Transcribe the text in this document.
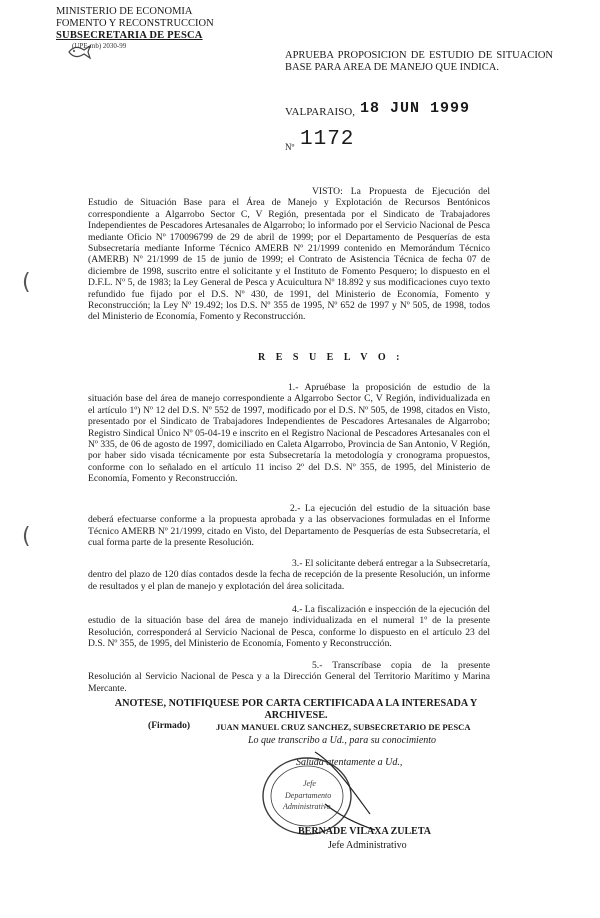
MINISTERIO DE ECONOMIA
FOMENTO Y RECONSTRUCCION
SUBSECRETARIA DE PESCA
(UPE-mb) 2030-99
APRUEBA PROPOSICION DE ESTUDIO DE SITUACION BASE PARA AREA DE MANEJO QUE INDICA.
VALPARAISO, 18 JUN 1999
Nº 1172
(
(
VISTO: La Propuesta de Ejecución del Estudio de Situación Base para el Área de Manejo y Explotación de Recursos Bentónicos correspondiente a Algarrobo Sector C, V Región, presentada por el Sindicato de Trabajadores Independientes de Pescadores Artesanales de Algarrobo; lo informado por el Servicio Nacional de Pesca mediante Oficio Nº 170096799 de 29 de abril de 1999; por el Departamento de Pesquerías de esta Subsecretaría mediante Informe Técnico AMERB Nº 21/1999 contenido en Memorándum Técnico (AMERB) Nº 21/1999 de 15 de junio de 1999; el Contrato de Asistencia Técnica de fecha 07 de diciembre de 1998, suscrito entre el solicitante y el Instituto de Fomento Pesquero; lo dispuesto en el D.F.L. Nº 5, de 1983; la Ley General de Pesca y Acuicultura Nº 18.892 y sus modificaciones cuyo texto refundido fue fijado por el D.S. Nº 430, de 1991, del Ministerio de Economía, Fomento y Reconstrucción; la Ley Nº 19.492; los D.S. Nº 355 de 1995, Nº 652 de 1997 y Nº 505, de 1998, todos del Ministerio de Economía, Fomento y Reconstrucción.
R E S U E L V O :
1.- Apruébase la proposición de estudio de la situación base del área de manejo correspondiente a Algarrobo Sector C, V Región, individualizada en el artículo 1º) Nº 12 del D.S. Nº 552 de 1997, modificado por el D.S. Nº 505, de 1998, citados en Visto, presentado por el Sindicato de Trabajadores Independientes de Pescadores Artesanales de Algarrobo; Registro Sindical Único Nº 05-04-19 e inscrito en el Registro Nacional de Pescadores Artesanales con el Nº 335, de 06 de agosto de 1997, domiciliado en Caleta Algarrobo, Provincia de San Antonio, V Región, por haber sido visada técnicamente por esta Subsecretaría la metodología y cronograma propuestos, conforme con lo señalado en el artículo 11 inciso 2º del D.S. Nº 355, de 1995, del Ministerio de Economía, Fomento y Reconstrucción.
2.- La ejecución del estudio de la situación base deberá efectuarse conforme a la propuesta aprobada y a las observaciones formuladas en el Informe Técnico AMERB Nº 21/1999, citado en Visto, del Departamento de Pesquerías de esta Subsecretaría, el cual forma parte de la presente Resolución.
3.- El solicitante deberá entregar a la Subsecretaría, dentro del plazo de 120 días contados desde la fecha de recepción de la presente Resolución, un informe de resultados y el plan de manejo y explotación del área solicitada.
4.- La fiscalización e inspección de la ejecución del estudio de la situación base del área de manejo individualizada en el numeral 1º de la presente Resolución, corresponderá al Servicio Nacional de Pesca, conforme lo dispuesto en el artículo 23 del D.S. Nº 355, de 1995, del Ministerio de Economía, Fomento y Reconstrucción.
5.- Transcríbase copia de la presente Resolución al Servicio Nacional de Pesca y a la Dirección General del Territorio Marítimo y Marina Mercante.
ANOTESE, NOTIFIQUESE POR CARTA CERTIFICADA A LA INTERESADA Y ARCHIVESE.
(Firmado)	JUAN MANUEL CRUZ SANCHEZ, SUBSECRETARIO DE PESCA
Lo que transcribo a Ud., para su conocimiento
Saluda atentamente a Ud.,
Jefe
Departamento
Administrativo
BERNADE VILAXA ZULETA
Jefe Administrativo
